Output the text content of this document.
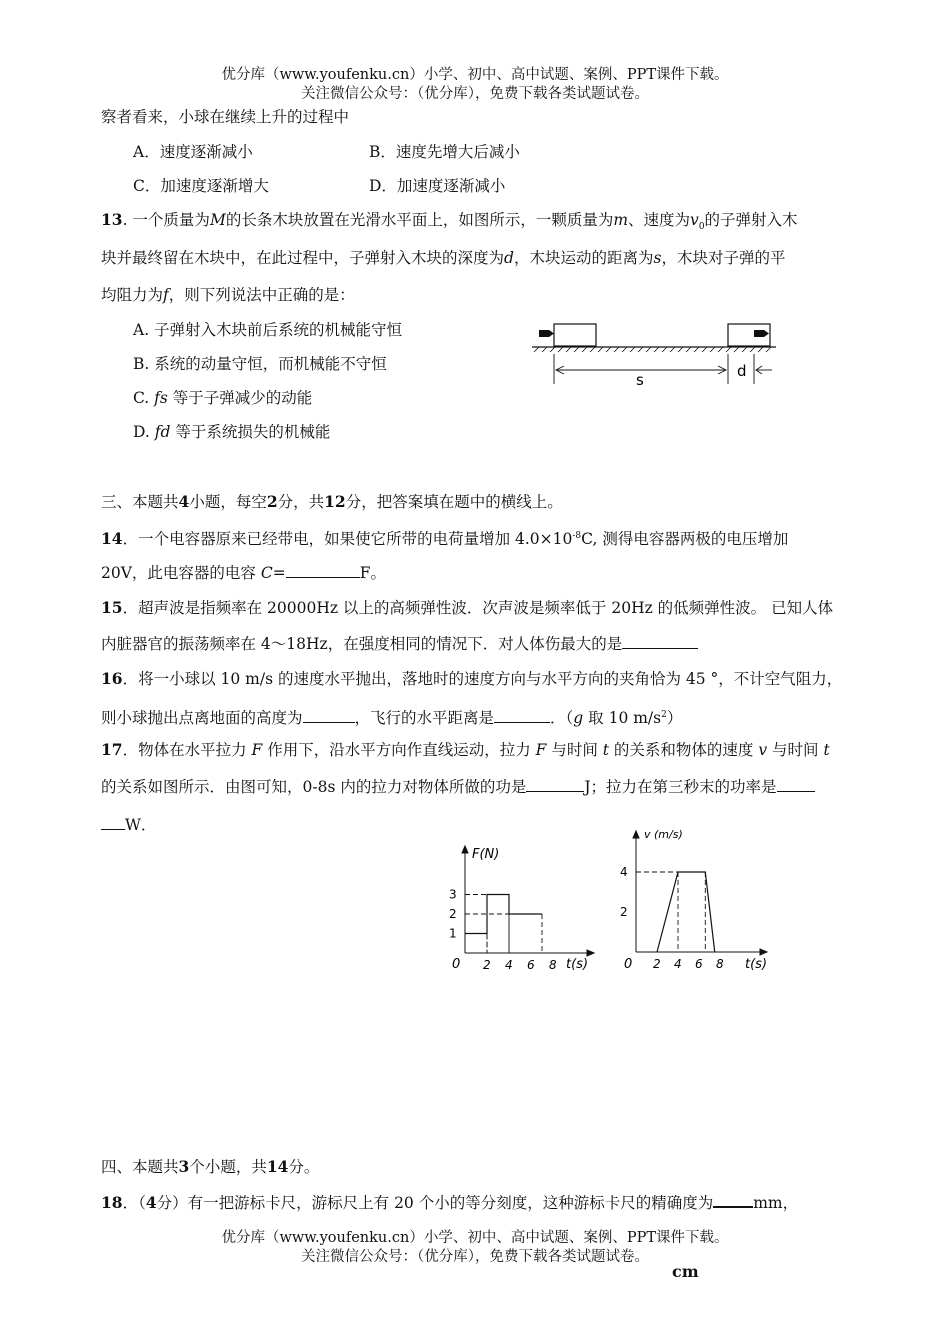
优分库（www.youfenku.cn）小学、初中、高中试题、案例、PPT课件下载。
关注微信公众号：（优分库），免费下载各类试题试卷。
察者看来，小球在继续上升的过程中
A．速度逐渐减小	B．速度先增大后减小
C．加速度逐渐增大	D．加速度逐渐减小
13. 一个质量为M的长条木块放置在光滑水平面上，如图所示，一颗质量为m、速度为$v_0$的子弹射入木
块并最终留在木块中，在此过程中，子弹射入木块的深度为d，木块运动的距离为s，木块对子弹的平
均阻力为f，则下列说法中正确的是：
A. 子弹射入木块前后系统的机械能守恒
B. 系统的动量守恒，而机械能不守恒
C. fs 等于子弹减少的动能
D. fd 等于系统损失的机械能
s	d
三、本题共4小题，每空2分，共12分，把答案填在题中的横线上。
14．一个电容器原来已经带电，如果使它所带的电荷量增加 $4.0\times 10^{-8}C$, 测得电容器两极的电压增加
20V，此电容器的电容 C=	F。
15．超声波是指频率在 20000Hz 以上的高频弹性波．次声波是频率低于 20Hz 的低频弹性波。 已知人体
内脏器官的振荡频率在 4～18Hz，在强度相同的情况下．对人体伤最大的是
16．将一小球以 10 m/s 的速度水平抛出，落地时的速度方向与水平方向的夹角恰为 45 °，不计空气阻力，
则小球抛出点离地面的高度为	，飞行的水平距离是	．（g 取 10 $m/s^2$）
17．物体在水平拉力 F 作用下，沿水平方向作直线运动，拉力 F 与时间 t 的关系和物体的速度 v 与时间 t
的关系如图所示．由图可知，0-8s 内的拉力对物体所做的功是	J；拉力在第三秒末的功率是
W．
F(N)
t(s)
0 2 4 6 8
1
2
3
v (m/s)
t(s)
0 2 4 6 8
2
4
四、本题共3个小题，共14分。
18．（4分）有一把游标卡尺，游标尺上有 20 个小的等分刻度，这种游标卡尺的精确度为	mm，
优分库（www.youfenku.cn）小学、初中、高中试题、案例、PPT课件下载。
关注微信公众号：（优分库），免费下载各类试题试卷。
cm
